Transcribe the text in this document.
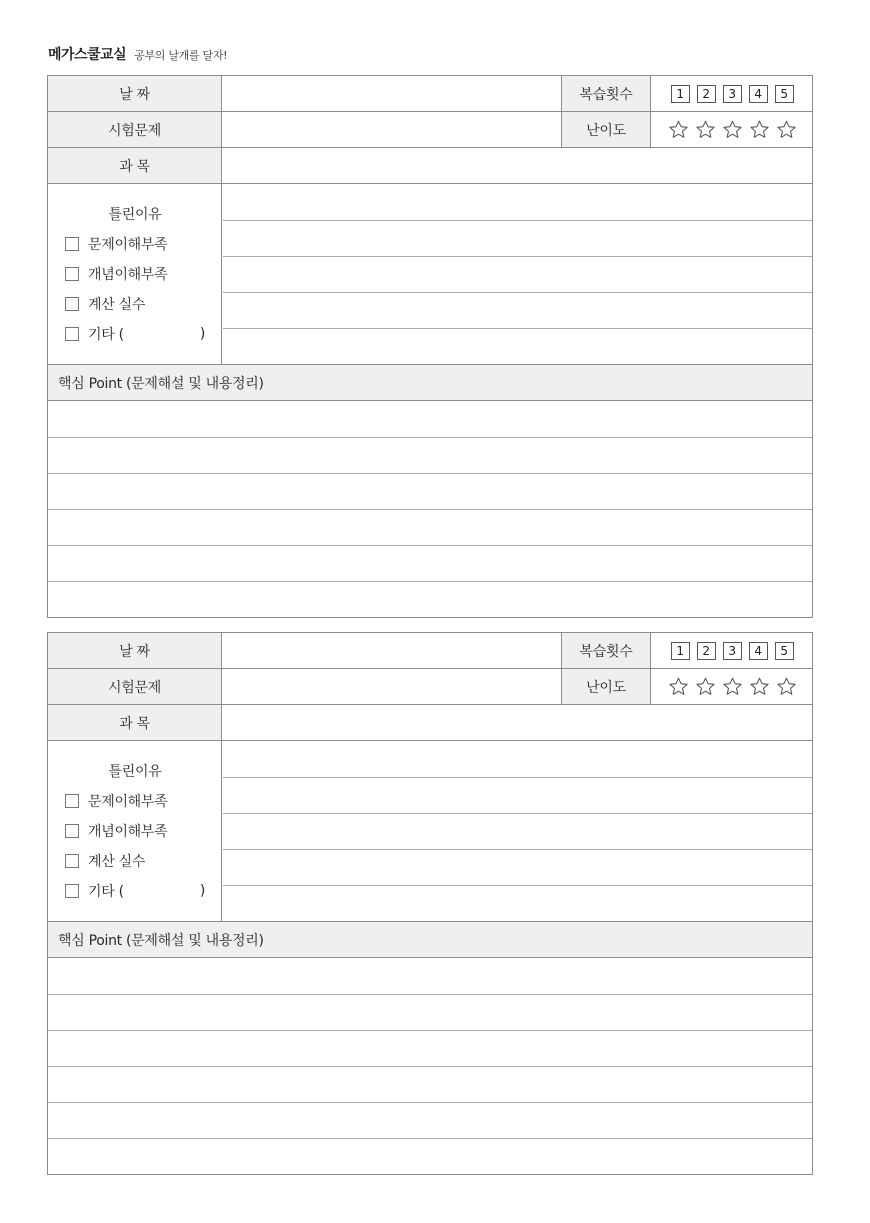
메가스쿨교실 공부의 날개를 달자!
날 짜	복습횟수	1	2	3	4	5
시험문제	난이도
과 목
틀린이유
문제이해부족
개념이해부족
계산 실수
기타 (	)
핵심 Point (문제해설 및 내용정리)
날 짜	복습횟수	1	2	3	4	5
시험문제	난이도
과 목
틀린이유
문제이해부족
개념이해부족
계산 실수
기타 (	)
핵심 Point (문제해설 및 내용정리)
